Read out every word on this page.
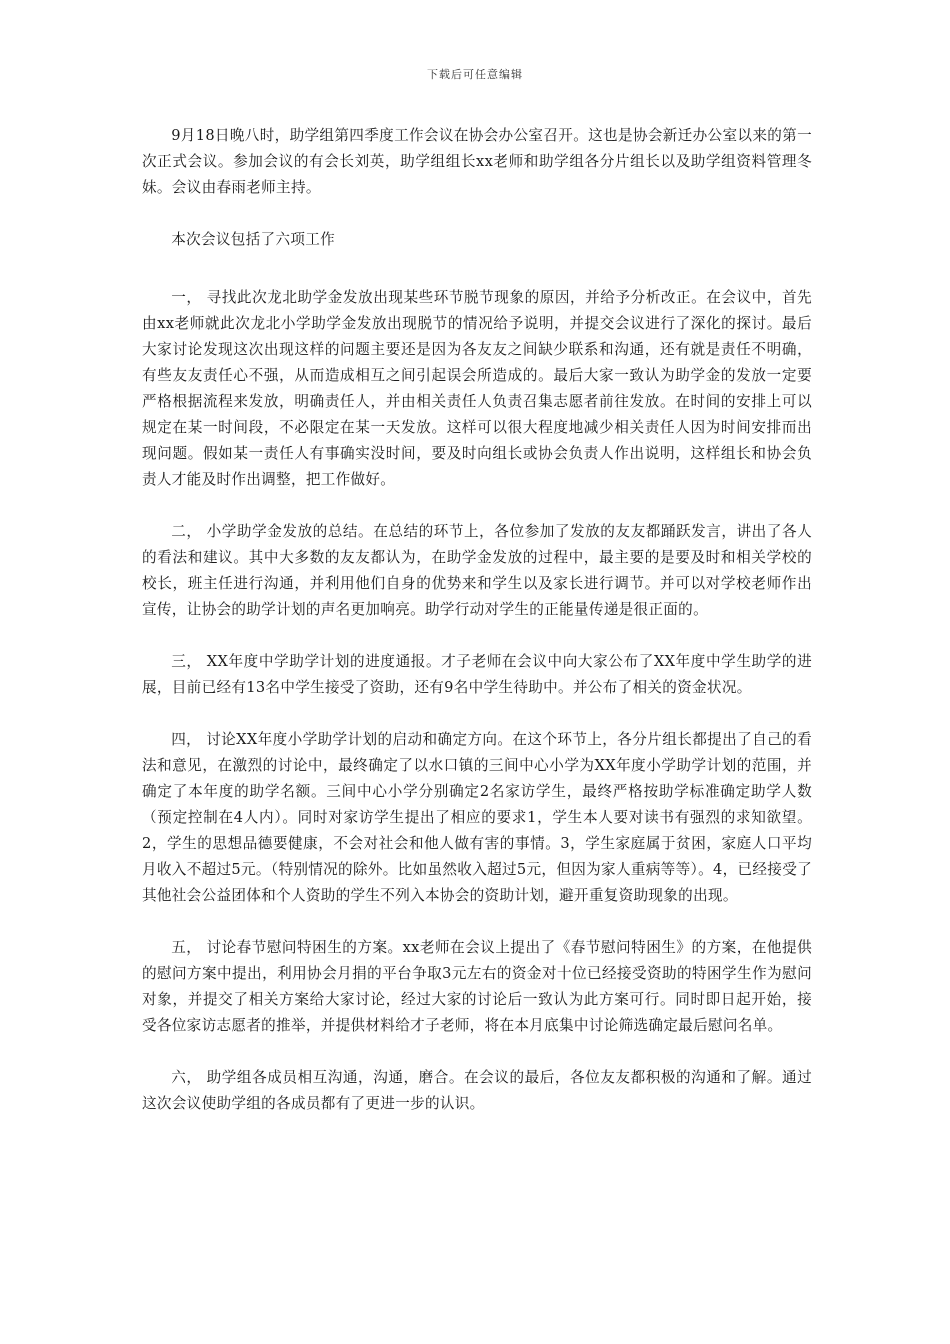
下载后可任意编辑

9月18日晚八时，助学组第四季度工作会议在协会办公室召开。这也是协会新迁办公室以来的第一次正式会议。参加会议的有会长刘英，助学组组长xx老师和助学组各分片组长以及助学组资料管理冬妹。会议由春雨老师主持。

本次会议包括了六项工作

一， 寻找此次龙北助学金发放出现某些环节脱节现象的原因，并给予分析改正。在会议中，首先由xx老师就此次龙北小学助学金发放出现脱节的情况给予说明，并提交会议进行了深化的探讨。最后大家讨论发现这次出现这样的问题主要还是因为各友友之间缺少联系和沟通，还有就是责任不明确，有些友友责任心不强，从而造成相互之间引起误会所造成的。最后大家一致认为助学金的发放一定要严格根据流程来发放，明确责任人，并由相关责任人负责召集志愿者前往发放。在时间的安排上可以规定在某一时间段，不必限定在某一天发放。这样可以很大程度地减少相关责任人因为时间安排而出现问题。假如某一责任人有事确实没时间，要及时向组长或协会负责人作出说明，这样组长和协会负责人才能及时作出调整，把工作做好。

二， 小学助学金发放的总结。在总结的环节上，各位参加了发放的友友都踊跃发言，讲出了各人的看法和建议。其中大多数的友友都认为，在助学金发放的过程中，最主要的是要及时和相关学校的校长，班主任进行沟通，并利用他们自身的优势来和学生以及家长进行调节。并可以对学校老师作出宣传，让协会的助学计划的声名更加响亮。助学行动对学生的正能量传递是很正面的。

三， XX年度中学助学计划的进度通报。才子老师在会议中向大家公布了XX年度中学生助学的进展，目前已经有13名中学生接受了资助，还有9名中学生待助中。并公布了相关的资金状况。

四， 讨论XX年度小学助学计划的启动和确定方向。在这个环节上，各分片组长都提出了自己的看法和意见，在激烈的讨论中，最终确定了以水口镇的三间中心小学为XX年度小学助学计划的范围，并确定了本年度的助学名额。三间中心小学分别确定2名家访学生，最终严格按助学标准确定助学人数（预定控制在4人内）。同时对家访学生提出了相应的要求1，学生本人要对读书有强烈的求知欲望。2，学生的思想品德要健康，不会对社会和他人做有害的事情。3，学生家庭属于贫困，家庭人口平均月收入不超过5元。（特别情况的除外。比如虽然收入超过5元，但因为家人重病等等）。4，已经接受了其他社会公益团体和个人资助的学生不列入本协会的资助计划，避开重复资助现象的出现。

五， 讨论春节慰问特困生的方案。xx老师在会议上提出了《春节慰问特困生》的方案，在他提供的慰问方案中提出，利用协会月捐的平台争取3元左右的资金对十位已经接受资助的特困学生作为慰问对象，并提交了相关方案给大家讨论，经过大家的讨论后一致认为此方案可行。同时即日起开始，接受各位家访志愿者的推举，并提供材料给才子老师，将在本月底集中讨论筛选确定最后慰问名单。

六， 助学组各成员相互沟通，沟通，磨合。在会议的最后，各位友友都积极的沟通和了解。通过这次会议使助学组的各成员都有了更进一步的认识。
